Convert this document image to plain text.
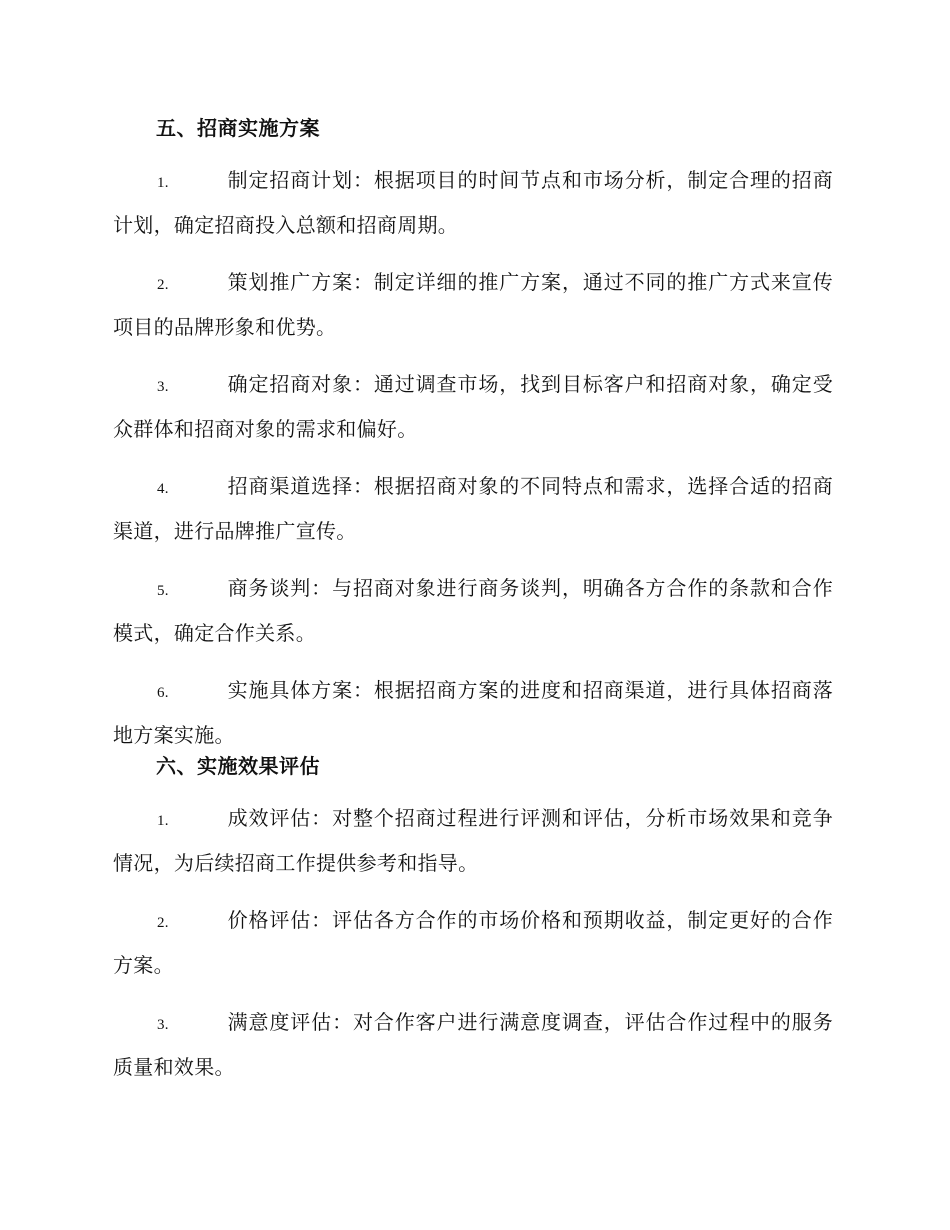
五、招商实施方案

1.	制定招商计划：根据项目的时间节点和市场分析，制定合理的招商计划，确定招商投入总额和招商周期。

2.	策划推广方案：制定详细的推广方案，通过不同的推广方式来宣传项目的品牌形象和优势。

3.	确定招商对象：通过调查市场，找到目标客户和招商对象，确定受众群体和招商对象的需求和偏好。

4.	招商渠道选择：根据招商对象的不同特点和需求，选择合适的招商渠道，进行品牌推广宣传。

5.	商务谈判：与招商对象进行商务谈判，明确各方合作的条款和合作模式，确定合作关系。

6.	实施具体方案：根据招商方案的进度和招商渠道，进行具体招商落地方案实施。

六、实施效果评估

1.	成效评估：对整个招商过程进行评测和评估，分析市场效果和竞争情况，为后续招商工作提供参考和指导。

2.	价格评估：评估各方合作的市场价格和预期收益，制定更好的合作方案。

3.	满意度评估：对合作客户进行满意度调查，评估合作过程中的服务质量和效果。
